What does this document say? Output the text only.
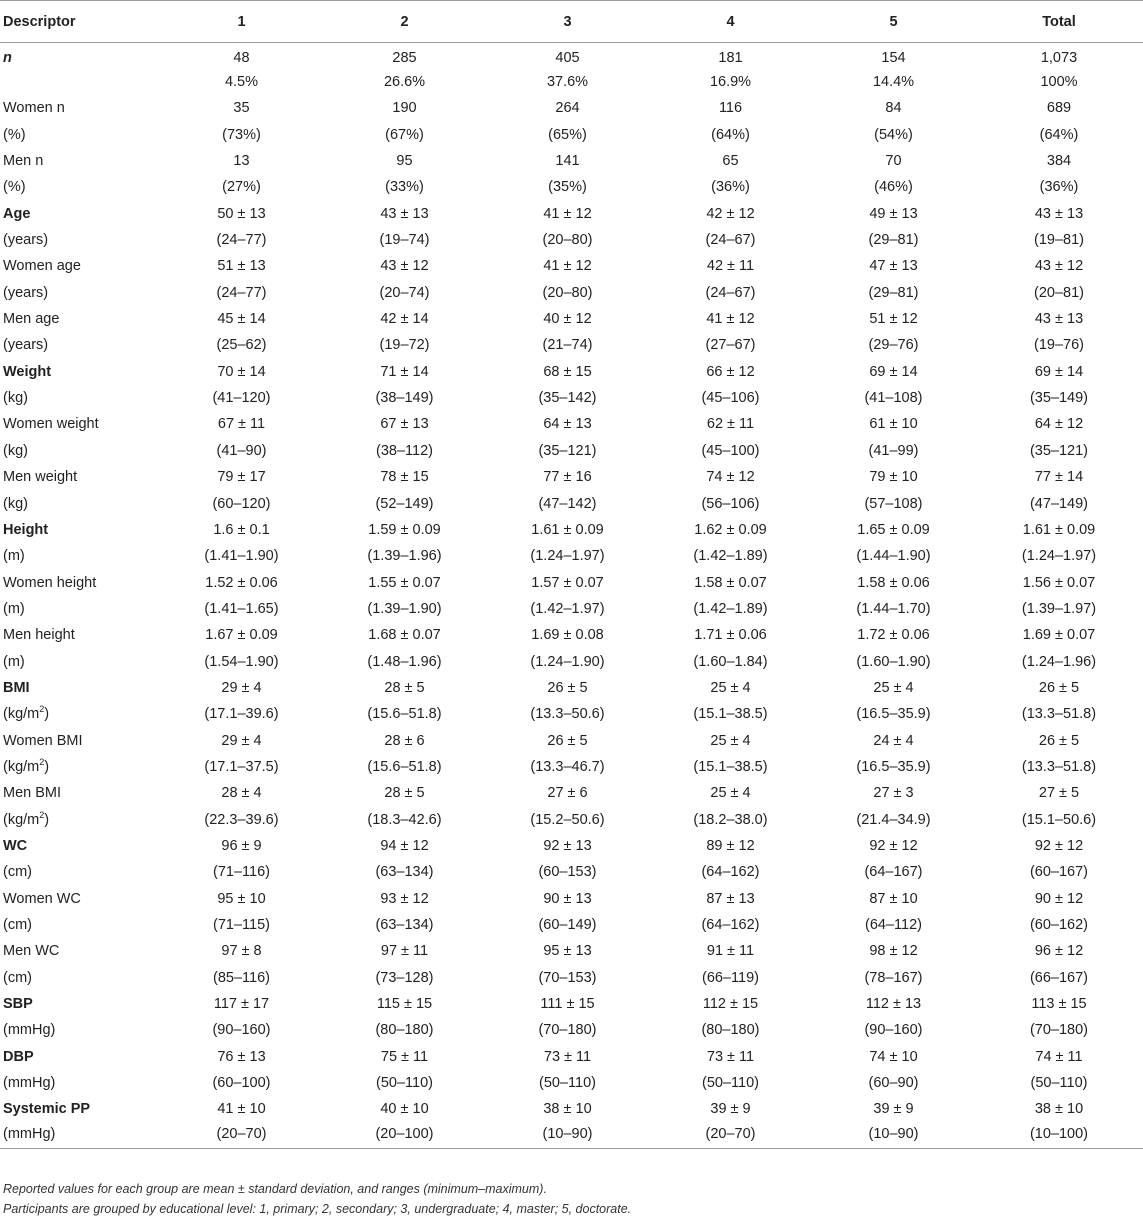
Descriptor	1	2	3	4	5	Total
n	48	285	405	181	154	1,073
	4.5%	26.6%	37.6%	16.9%	14.4%	100%
Women n	35	190	264	116	84	689
(%)	(73%)	(67%)	(65%)	(64%)	(54%)	(64%)
Men n	13	95	141	65	70	384
(%)	(27%)	(33%)	(35%)	(36%)	(46%)	(36%)
Age	50 ± 13	43 ± 13	41 ± 12	42 ± 12	49 ± 13	43 ± 13
(years)	(24–77)	(19–74)	(20–80)	(24–67)	(29–81)	(19–81)
Women age	51 ± 13	43 ± 12	41 ± 12	42 ± 11	47 ± 13	43 ± 12
(years)	(24–77)	(20–74)	(20–80)	(24–67)	(29–81)	(20–81)
Men age	45 ± 14	42 ± 14	40 ± 12	41 ± 12	51 ± 12	43 ± 13
(years)	(25–62)	(19–72)	(21–74)	(27–67)	(29–76)	(19–76)
Weight	70 ± 14	71 ± 14	68 ± 15	66 ± 12	69 ± 14	69 ± 14
(kg)	(41–120)	(38–149)	(35–142)	(45–106)	(41–108)	(35–149)
Women weight	67 ± 11	67 ± 13	64 ± 13	62 ± 11	61 ± 10	64 ± 12
(kg)	(41–90)	(38–112)	(35–121)	(45–100)	(41–99)	(35–121)
Men weight	79 ± 17	78 ± 15	77 ± 16	74 ± 12	79 ± 10	77 ± 14
(kg)	(60–120)	(52–149)	(47–142)	(56–106)	(57–108)	(47–149)
Height	1.6 ± 0.1	1.59 ± 0.09	1.61 ± 0.09	1.62 ± 0.09	1.65 ± 0.09	1.61 ± 0.09
(m)	(1.41–1.90)	(1.39–1.96)	(1.24–1.97)	(1.42–1.89)	(1.44–1.90)	(1.24–1.97)
Women height	1.52 ± 0.06	1.55 ± 0.07	1.57 ± 0.07	1.58 ± 0.07	1.58 ± 0.06	1.56 ± 0.07
(m)	(1.41–1.65)	(1.39–1.90)	(1.42–1.97)	(1.42–1.89)	(1.44–1.70)	(1.39–1.97)
Men height	1.67 ± 0.09	1.68 ± 0.07	1.69 ± 0.08	1.71 ± 0.06	1.72 ± 0.06	1.69 ± 0.07
(m)	(1.54–1.90)	(1.48–1.96)	(1.24–1.90)	(1.60–1.84)	(1.60–1.90)	(1.24–1.96)
BMI	29 ± 4	28 ± 5	26 ± 5	25 ± 4	25 ± 4	26 ± 5
$(kg/m^2)$	(17.1–39.6)	(15.6–51.8)	(13.3–50.6)	(15.1–38.5)	(16.5–35.9)	(13.3–51.8)
Women BMI	29 ± 4	28 ± 6	26 ± 5	25 ± 4	24 ± 4	26 ± 5
$(kg/m^2)$	(17.1–37.5)	(15.6–51.8)	(13.3–46.7)	(15.1–38.5)	(16.5–35.9)	(13.3–51.8)
Men BMI	28 ± 4	28 ± 5	27 ± 6	25 ± 4	27 ± 3	27 ± 5
$(kg/m^2)$	(22.3–39.6)	(18.3–42.6)	(15.2–50.6)	(18.2–38.0)	(21.4–34.9)	(15.1–50.6)
WC	96 ± 9	94 ± 12	92 ± 13	89 ± 12	92 ± 12	92 ± 12
(cm)	(71–116)	(63–134)	(60–153)	(64–162)	(64–167)	(60–167)
Women WC	95 ± 10	93 ± 12	90 ± 13	87 ± 13	87 ± 10	90 ± 12
(cm)	(71–115)	(63–134)	(60–149)	(64–162)	(64–112)	(60–162)
Men WC	97 ± 8	97 ± 11	95 ± 13	91 ± 11	98 ± 12	96 ± 12
(cm)	(85–116)	(73–128)	(70–153)	(66–119)	(78–167)	(66–167)
SBP	117 ± 17	115 ± 15	111 ± 15	112 ± 15	112 ± 13	113 ± 15
(mmHg)	(90–160)	(80–180)	(70–180)	(80–180)	(90–160)	(70–180)
DBP	76 ± 13	75 ± 11	73 ± 11	73 ± 11	74 ± 10	74 ± 11
(mmHg)	(60–100)	(50–110)	(50–110)	(50–110)	(60–90)	(50–110)
Systemic PP	41 ± 10	40 ± 10	38 ± 10	39 ± 9	39 ± 9	38 ± 10
(mmHg)	(20–70)	(20–100)	(10–90)	(20–70)	(10–90)	(10–100)
Reported values for each group are mean ± standard deviation, and ranges (minimum–maximum).
Participants are grouped by educational level: 1, primary; 2, secondary; 3, undergraduate; 4, master; 5, doctorate.
